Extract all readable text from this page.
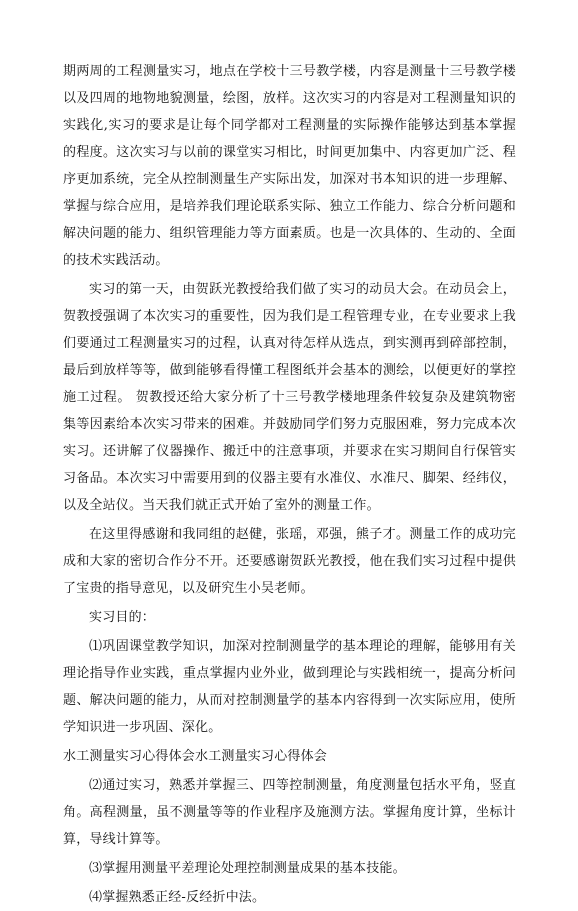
期两周的工程测量实习，地点在学校十三号教学楼，内容是测量十三号教学楼以及四周的地物地貌测量，绘图，放样。这次实习的内容是对工程测量知识的实践化,实习的要求是让每个同学都对工程测量的实际操作能够达到基本掌握的程度。这次实习与以前的课堂实习相比，时间更加集中、内容更加广泛、程序更加系统，完全从控制测量生产实际出发，加深对书本知识的进一步理解、掌握与综合应用，是培养我们理论联系实际、独立工作能力、综合分析问题和解决问题的能力、组织管理能力等方面素质。也是一次具体的、生动的、全面的技术实践活动。

实习的第一天，由贺跃光教授给我们做了实习的动员大会。在动员会上，贺教授强调了本次实习的重要性，因为我们是工程管理专业，在专业要求上我们要通过工程测量实习的过程，认真对待怎样从选点，到实测再到碎部控制，最后到放样等等，做到能够看得懂工程图纸并会基本的测绘，以便更好的掌控施工过程。 贺教授还给大家分析了十三号教学楼地理条件较复杂及建筑物密集等因素给本次实习带来的困难。并鼓励同学们努力克服困难，努力完成本次实习。还讲解了仪器操作、搬迁中的注意事项，并要求在实习期间自行保管实习备品。本次实习中需要用到的仪器主要有水准仪、水准尺、脚架、经纬仪，以及全站仪。当天我们就正式开始了室外的测量工作。

在这里得感谢和我同组的赵健，张瑶，邓强，熊子才。测量工作的成功完成和大家的密切合作分不开。还要感谢贺跃光教授，他在我们实习过程中提供了宝贵的指导意见，以及研究生小吴老师。

实习目的：

⑴巩固课堂教学知识，加深对控制测量学的基本理论的理解，能够用有关理论指导作业实践，重点掌握内业外业，做到理论与实践相统一，提高分析问题、解决问题的能力，从而对控制测量学的基本内容得到一次实际应用，使所学知识进一步巩固、深化。

水工测量实习心得体会水工测量实习心得体会

⑵通过实习，熟悉并掌握三、四等控制测量，角度测量包括水平角，竖直角。高程测量，虽不测量等等的作业程序及施测方法。掌握角度计算，坐标计算，导线计算等。

⑶掌握用测量平差理论处理控制测量成果的基本技能。

⑷掌握熟悉正经-反经折中法。
